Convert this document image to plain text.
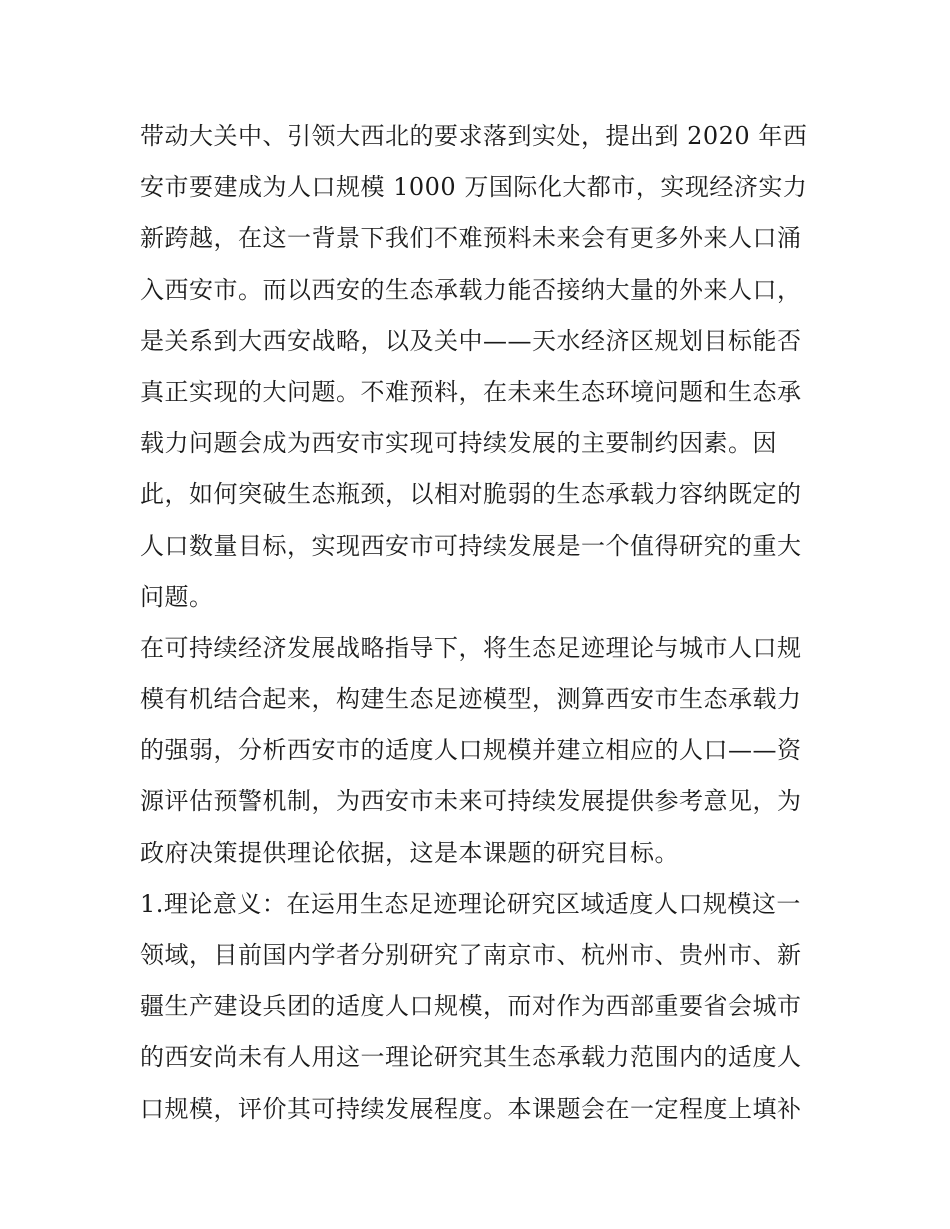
带动大关中、引领大西北的要求落到实处，提出到 2020 年西
安市要建成为人口规模 1000 万国际化大都市，实现经济实力
新跨越，在这一背景下我们不难预料未来会有更多外来人口涌
入西安市。而以西安的生态承载力能否接纳大量的外来人口，
是关系到大西安战略，以及关中——天水经济区规划目标能否
真正实现的大问题。不难预料，在未来生态环境问题和生态承
载力问题会成为西安市实现可持续发展的主要制约因素。因
此，如何突破生态瓶颈，以相对脆弱的生态承载力容纳既定的
人口数量目标，实现西安市可持续发展是一个值得研究的重大
问题。
在可持续经济发展战略指导下，将生态足迹理论与城市人口规
模有机结合起来，构建生态足迹模型，测算西安市生态承载力
的强弱，分析西安市的适度人口规模并建立相应的人口——资
源评估预警机制，为西安市未来可持续发展提供参考意见，为
政府决策提供理论依据，这是本课题的研究目标。
1.理论意义：在运用生态足迹理论研究区域适度人口规模这一
领域，目前国内学者分别研究了南京市、杭州市、贵州市、新
疆生产建设兵团的适度人口规模，而对作为西部重要省会城市
的西安尚未有人用这一理论研究其生态承载力范围内的适度人
口规模，评价其可持续发展程度。本课题会在一定程度上填补
